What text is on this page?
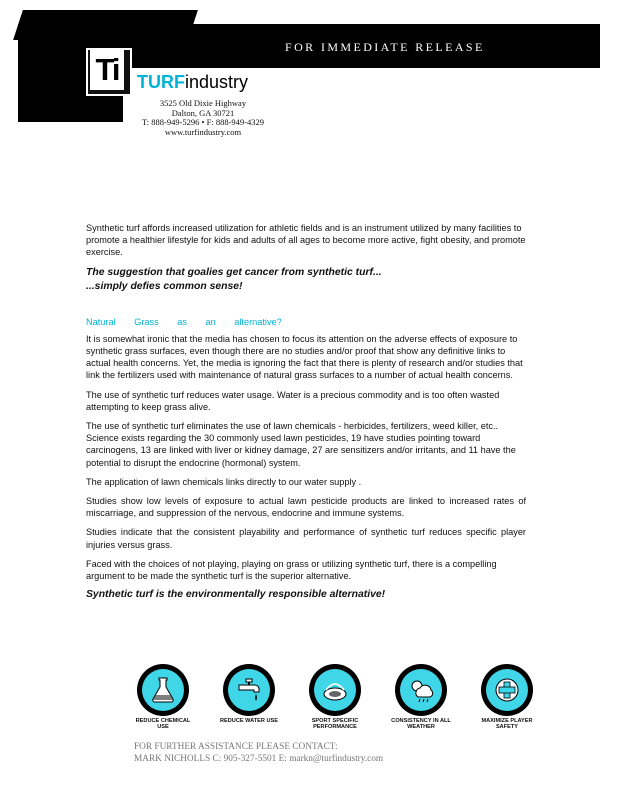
FOR IMMEDIATE RELEASE
Ti	TURFindustry
3525 Old Dixie Highway
Dalton, GA 30721
T: 888-949-5296 • F: 888-949-4329
www.turfindustry.com

Synthetic turf affords increased utilization for athletic fields and is an instrument utilized by many facilities to promote a healthier lifestyle for kids and adults of all ages to become more active, fight obesity, and promote exercise.

The suggestion that goalies get cancer from synthetic turf...
...simply defies common sense!

Natural Grass as an alternative?

It is somewhat ironic that the media has chosen to focus its attention on the adverse effects of exposure to synthetic grass surfaces, even though there are no studies and/or proof that show any definitive links to actual health concerns. Yet, the media is ignoring the fact that there is plenty of research and/or studies that link the fertilizers used with maintenance of natural grass surfaces to a number of actual health concerns.

The use of synthetic turf reduces water usage. Water is a precious commodity and is too often wasted attempting to keep grass alive.

The use of synthetic turf eliminates the use of lawn chemicals - herbicides, fertilizers, weed killer, etc.. Science exists regarding the 30 commonly used lawn pesticides, 19 have studies pointing toward carcinogens, 13 are linked with liver or kidney damage, 27 are sensitizers and/or irritants, and 11 have the potential to disrupt the endocrine (hormonal) system.

The application of lawn chemicals links directly to our water supply .

Studies show low levels of exposure to actual lawn pesticide products are linked to increased rates of miscarriage, and suppression of the nervous, endocrine and immune systems.

Studies indicate that the consistent playability and performance of synthetic turf reduces specific player injuries versus grass.

Faced with the choices of not playing, playing on grass or utilizing synthetic turf, there is a compelling argument to be made the synthetic turf is the superior alternative.

Synthetic turf is the environmentally responsible alternative!

REDUCE CHEMICAL USE
REDUCE WATER USE	SPORT SPECIFIC PERFORMANCE
CONSISTENCY IN ALL WEATHER
MAXIMIZE PLAYER SAFETY
FOR FURTHER ASSISTANCE PLEASE CONTACT:
MARK NICHOLLS C: 905-327-5501 E: markn@turfindustry.com
